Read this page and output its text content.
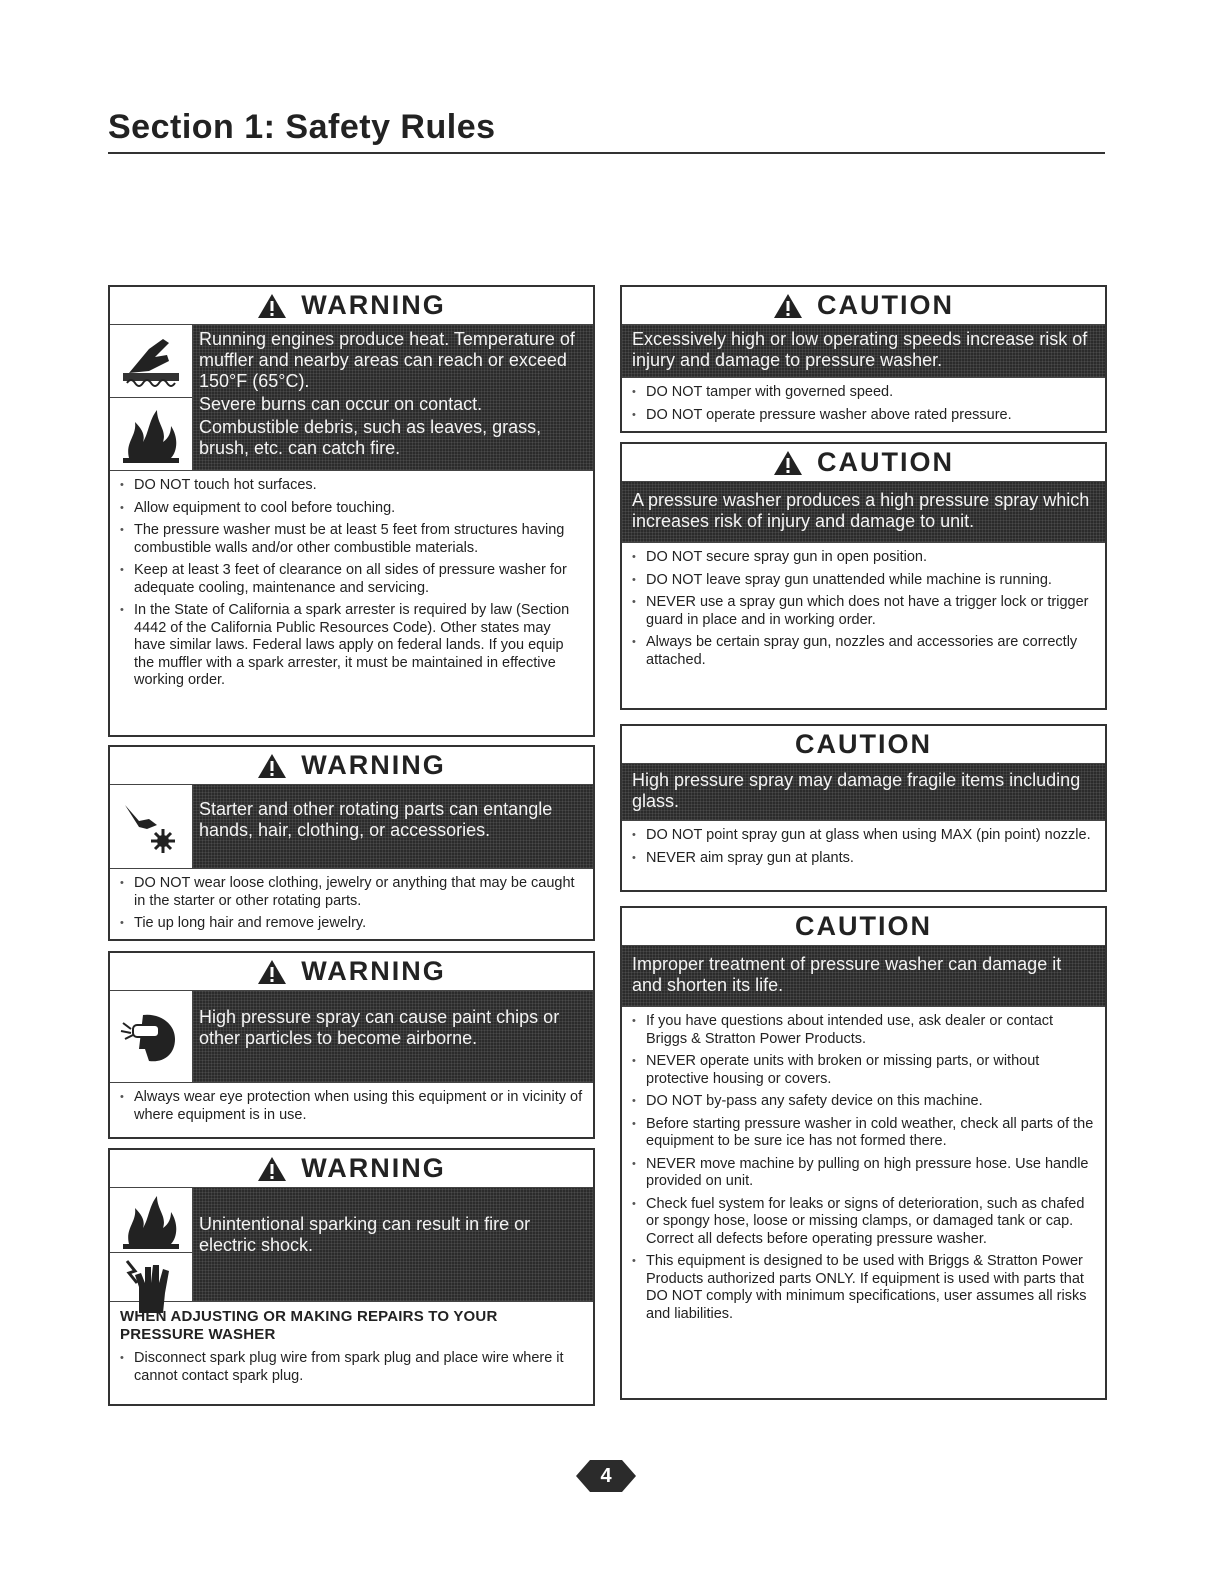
Section 1: Safety Rules
WARNING

Running engines produce heat. Temperature of muffler and nearby areas can reach or exceed 150°F (65°C).

Severe burns can occur on contact.

Combustible debris, such as leaves, grass, brush, etc. can catch fire.

• DO NOT touch hot surfaces.
• Allow equipment to cool before touching.
• The pressure washer must be at least 5 feet from structures having combustible walls and/or other combustible materials.
• Keep at least 3 feet of clearance on all sides of pressure washer for adequate cooling, maintenance and servicing.
• In the State of California a spark arrester is required by law (Section 4442 of the California Public Resources Code). Other states may have similar laws. Federal laws apply on federal lands. If you equip the muffler with a spark arrester, it must be maintained in effective working order.
WARNING

Starter and other rotating parts can entangle hands, hair, clothing, or accessories.

• DO NOT wear loose clothing, jewelry or anything that may be caught in the starter or other rotating parts.
• Tie up long hair and remove jewelry.
WARNING

High pressure spray can cause paint chips or other particles to become airborne.

• Always wear eye protection when using this equipment or in vicinity of where equipment is in use.
WARNING

Unintentional sparking can result in fire or electric shock.

WHEN ADJUSTING OR MAKING REPAIRS TO YOUR PRESSURE WASHER
• Disconnect spark plug wire from spark plug and place wire where it cannot contact spark plug.
CAUTION
Excessively high or low operating speeds increase risk of injury and damage to pressure washer.
• DO NOT tamper with governed speed.
• DO NOT operate pressure washer above rated pressure.
CAUTION
A pressure washer produces a high pressure spray which increases risk of injury and damage to unit.
• DO NOT secure spray gun in open position.
• DO NOT leave spray gun unattended while machine is running.
• NEVER use a spray gun which does not have a trigger lock or trigger guard in place and in working order.
• Always be certain spray gun, nozzles and accessories are correctly attached.
CAUTION
High pressure spray may damage fragile items including glass.
• DO NOT point spray gun at glass when using MAX (pin point) nozzle.
• NEVER aim spray gun at plants.
CAUTION
Improper treatment of pressure washer can damage it and shorten its life.
• If you have questions about intended use, ask dealer or contact Briggs & Stratton Power Products.
• NEVER operate units with broken or missing parts, or without protective housing or covers.
• DO NOT by-pass any safety device on this machine.
• Before starting pressure washer in cold weather, check all parts of the equipment to be sure ice has not formed there.
• NEVER move machine by pulling on high pressure hose. Use handle provided on unit.
• Check fuel system for leaks or signs of deterioration, such as chafed or spongy hose, loose or missing clamps, or damaged tank or cap. Correct all defects before operating pressure washer.
• This equipment is designed to be used with Briggs & Stratton Power Products authorized parts ONLY. If equipment is used with parts that DO NOT comply with minimum specifications, user assumes all risks and liabilities.
4
